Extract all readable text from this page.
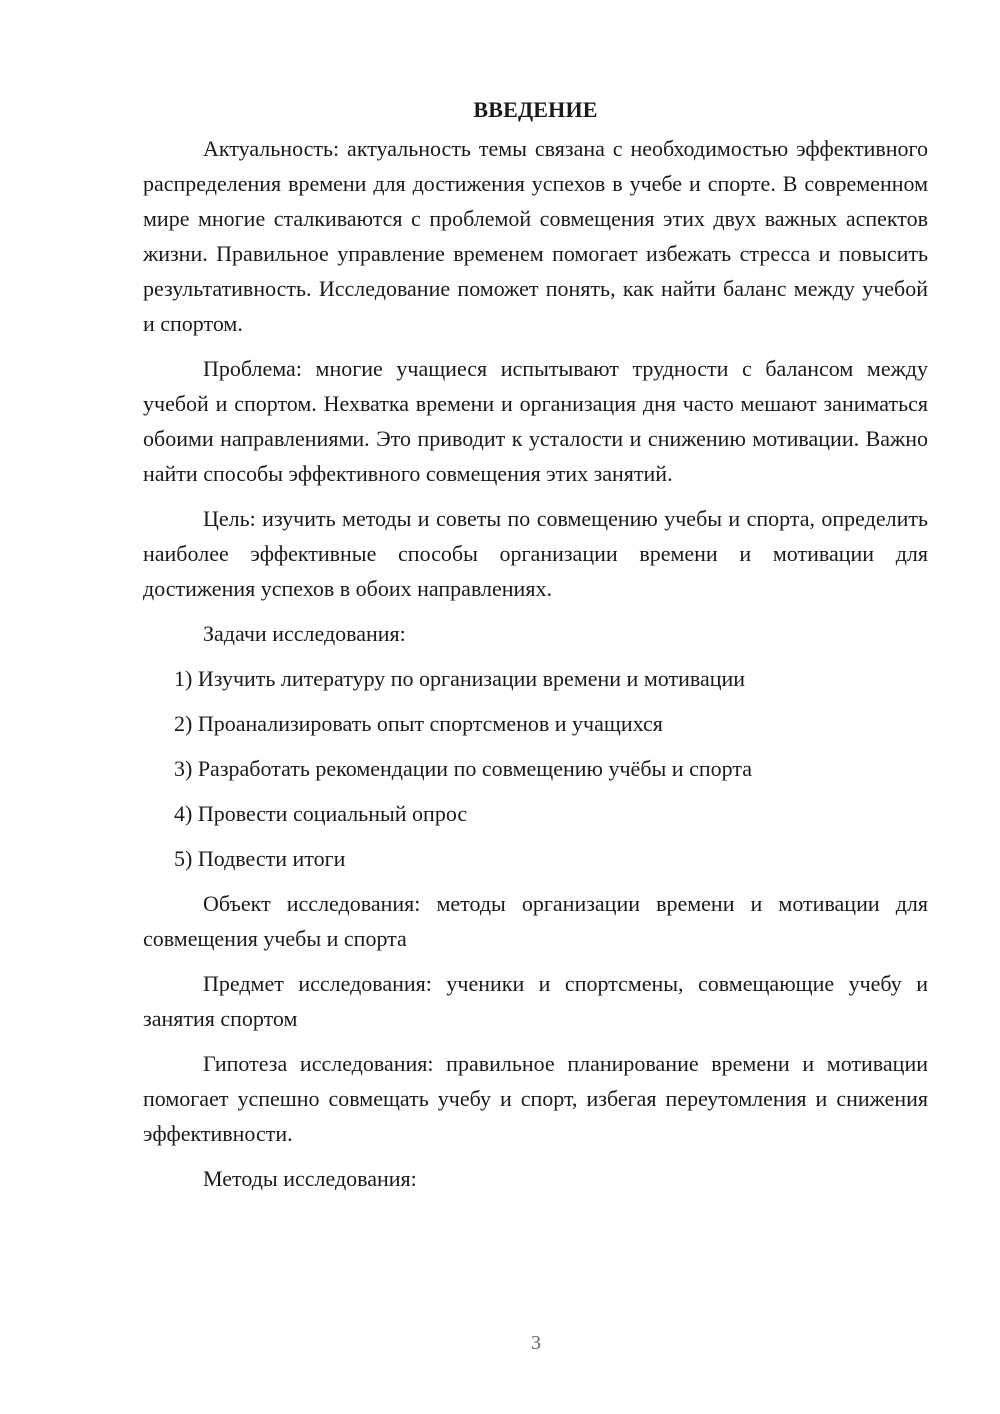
ВВЕДЕНИЕ

Актуальность: актуальность темы связана с необходимостью эффективного распределения времени для достижения успехов в учебе и спорте. В современном мире многие сталкиваются с проблемой совмещения этих двух важных аспектов жизни. Правильное управление временем помогает избежать стресса и повысить результативность. Исследование поможет понять, как найти баланс между учебой и спортом.

Проблема: многие учащиеся испытывают трудности с балансом между учебой и спортом. Нехватка времени и организация дня часто мешают заниматься обоими направлениями. Это приводит к усталости и снижению мотивации. Важно найти способы эффективного совмещения этих занятий.

Цель: изучить методы и советы по совмещению учебы и спорта, определить наиболее эффективные способы организации времени и мотивации для достижения успехов в обоих направлениях.

Задачи исследования:

1) Изучить литературу по организации времени и мотивации
2) Проанализировать опыт спортсменов и учащихся
3) Разработать рекомендации по совмещению учёбы и спорта
4) Провести социальный опрос
5) Подвести итоги

Объект исследования: методы организации времени и мотивации для совмещения учебы и спорта

Предмет исследования: ученики и спортсмены, совмещающие учебу и занятия спортом

Гипотеза исследования: правильное планирование времени и мотивации помогает успешно совмещать учебу и спорт, избегая переутомления и снижения эффективности.

Методы исследования:

3
